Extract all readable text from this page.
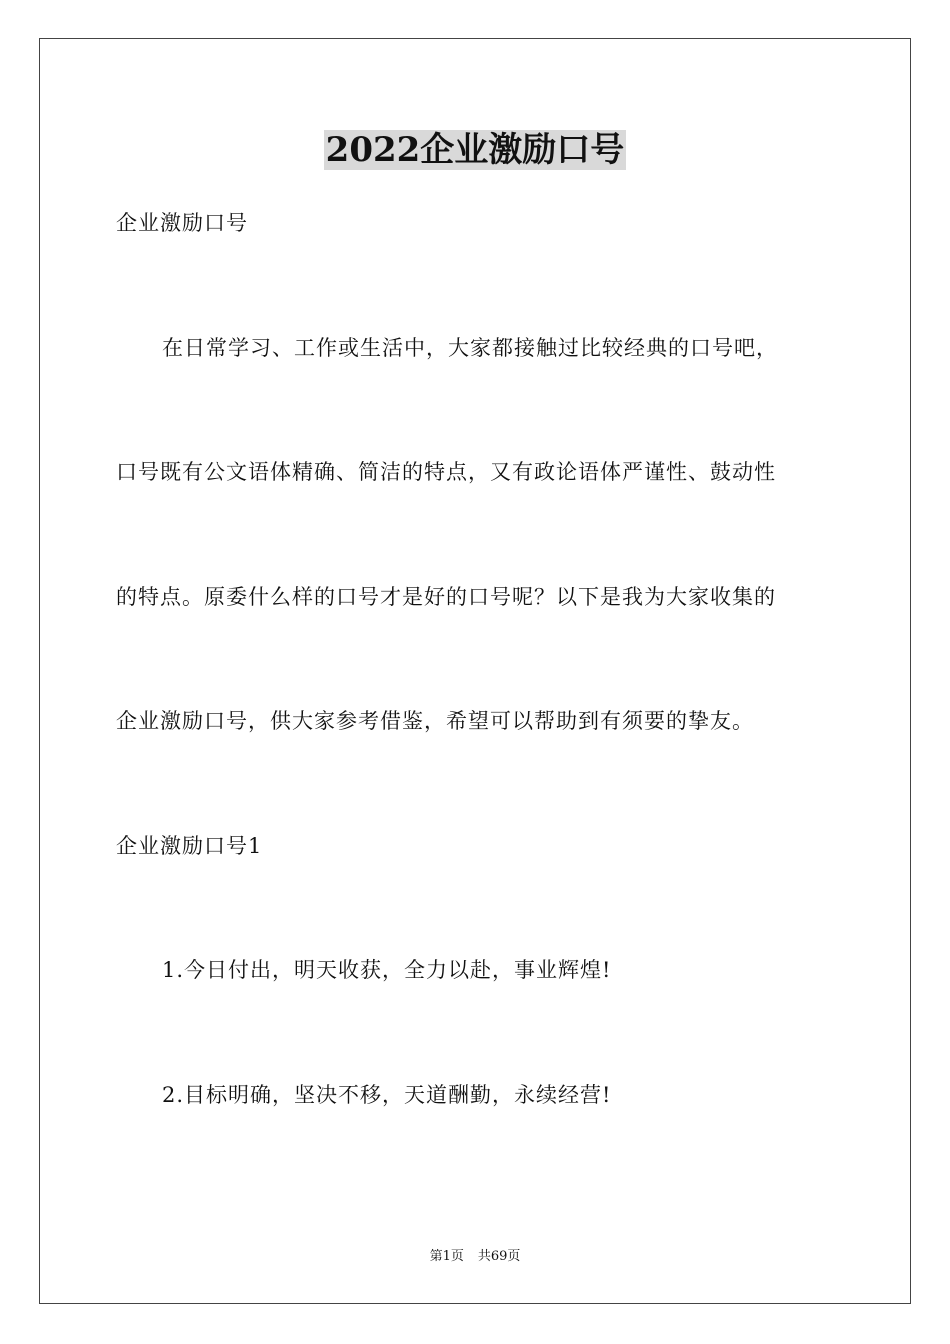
2022企业激励口号

企业激励口号

在日常学习、工作或生活中，大家都接触过比较经典的口号吧，

口号既有公文语体精确、简洁的特点，又有政论语体严谨性、鼓动性

的特点。原委什么样的口号才是好的口号呢？以下是我为大家收集的

企业激励口号，供大家参考借鉴，希望可以帮助到有须要的挚友。

企业激励口号1

1.今日付出，明天收获，全力以赴，事业辉煌!

2.目标明确，坚决不移，天道酬勤，永续经营!

第1页 共69页
